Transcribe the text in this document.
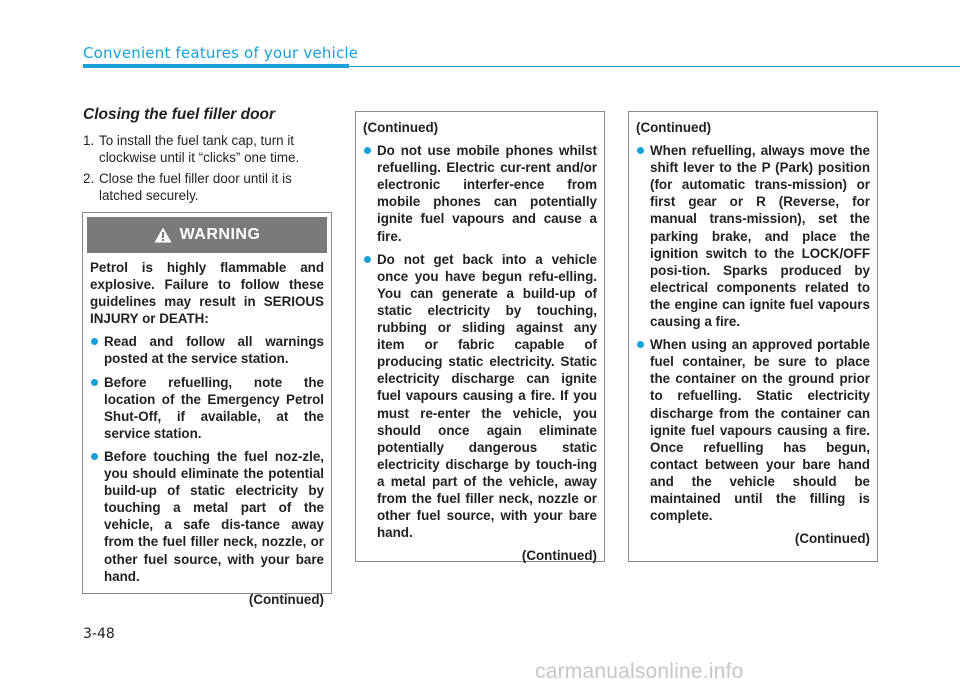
Convenient features of your vehicle
Closing the fuel filler door
1. To install the fuel tank cap, turn it clockwise until it “clicks” one time.
2. Close the fuel filler door until it is latched securely.
WARNING

Petrol is highly flammable and explosive. Failure to follow these guidelines may result in SERIOUS INJURY or DEATH:

Read and follow all warnings posted at the service station.

Before refuelling, note the location of the Emergency Petrol Shut-Off, if available, at the service station.

Before touching the fuel noz-zle, you should eliminate the potential build-up of static electricity by touching a metal part of the vehicle, a safe dis-tance away from the fuel filler neck, nozzle, or other fuel source, with your bare hand.

(Continued)

(Continued)

Do not use mobile phones whilst refuelling. Electric cur-rent and/or electronic interfer-ence from mobile phones can potentially ignite fuel vapours and cause a fire.

Do not get back into a vehicle once you have begun refu-elling. You can generate a build-up of static electricity by touching, rubbing or sliding against any item or fabric capable of producing static electricity. Static electricity discharge can ignite fuel vapours causing a fire. If you must re-enter the vehicle, you should once again eliminate potentially dangerous static electricity discharge by touch-ing a metal part of the vehicle, away from the fuel filler neck, nozzle or other fuel source, with your bare hand.

(Continued)

(Continued)

When refuelling, always move the shift lever to the P (Park) position (for automatic trans-mission) or first gear or R (Reverse, for manual trans-mission), set the parking brake, and place the ignition switch to the LOCK/OFF posi-tion. Sparks produced by electrical components related to the engine can ignite fuel vapours causing a fire.

When using an approved portable fuel container, be sure to place the container on the ground prior to refuelling. Static electricity discharge from the container can ignite fuel vapours causing a fire. Once refuelling has begun, contact between your bare hand and the vehicle should be maintained until the filling is complete.

(Continued)

3-48
carmanualsonline.info
